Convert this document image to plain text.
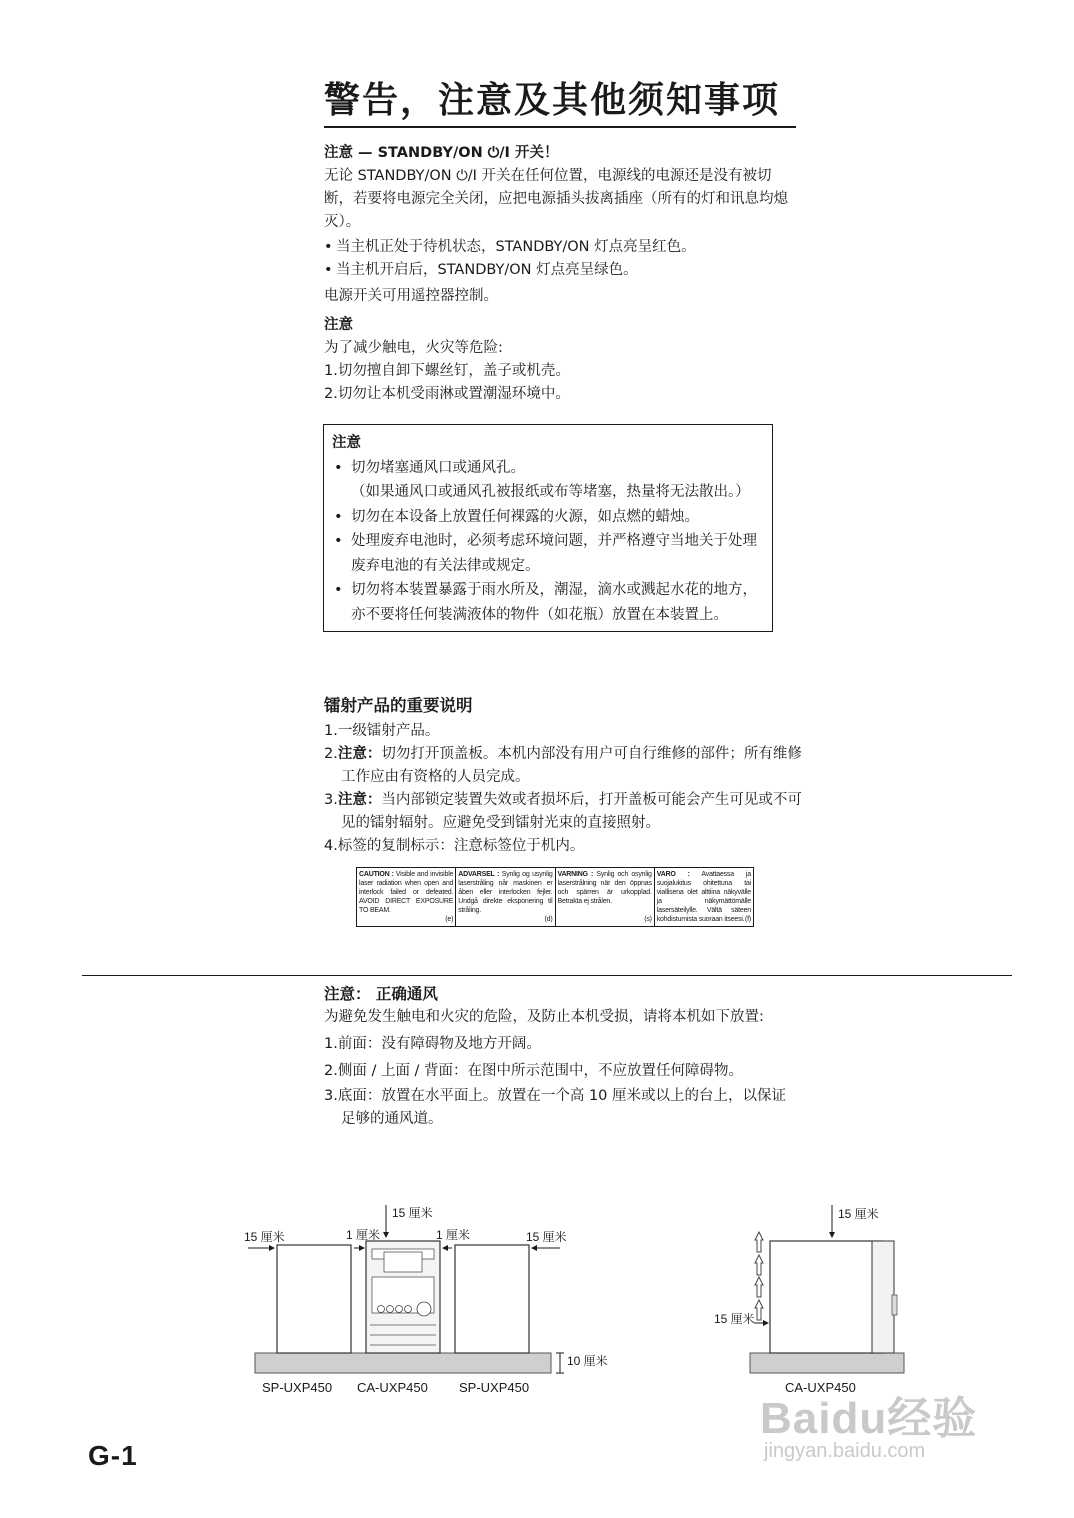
警告，注意及其他须知事项

注意 — STANDBY/ON ⏻/I 开关！

无论 STANDBY/ON ⏻/I 开关在任何位置，电源线的电源还是没有被切断，若要将电源完全关闭，应把电源插头拔离插座（所有的灯和讯息均熄灭）。

• 当主机正处于待机状态，STANDBY/ON 灯点亮呈红色。

• 当主机开启后，STANDBY/ON 灯点亮呈绿色。

电源开关可用遥控器控制。

注意

为了减少触电，火灾等危险:

1.切勿擅自卸下螺丝钉，盖子或机壳。

2.切勿让本机受雨淋或置潮湿环境中。

注意

• 切勿堵塞通风口或通风孔。
（如果通风口或通风孔被报纸或布等堵塞，热量将无法散出。）
• 切勿在本设备上放置任何裸露的火源，如点燃的蜡烛。
• 处理废弃电池时，必须考虑环境问题，并严格遵守当地关于处理废弃电池的有关法律或规定。
• 切勿将本装置暴露于雨水所及，潮湿，滴水或溅起水花的地方，亦不要将任何装满液体的物件（如花瓶）放置在本装置上。

镭射产品的重要说明

1.一级镭射产品。

2.注意：切勿打开顶盖板。本机内部没有用户可自行维修的部件；所有维修工作应由有资格的人员完成。

3.注意：当内部锁定装置失效或者损坏后，打开盖板可能会产生可见或不可见的镭射辐射。应避免受到镭射光束的直接照射。

4.标签的复制标示：注意标签位于机内。

CAUTION : Visible and invisible laser radiation when open and interlock failed or defeated. AVOID DIRECT EXPOSURE TO BEAM.
(e)
ADVARSEL : Synlig og usynlig laserstråling når maskinen er åben eller interlocken fejler. Undgå direkte eksponering til stråling.
(d)
VARNING : Synlig och osynlig laserstrålning när den öppnas och spärren är urkopplad. Betrakta ej strålen.
(s)
VARO : Avattaessa ja suojalukitus ohitettuna tai viallisena olet alttiina näkyvälle ja näkymättömälle lasersäteilylle. Vältä säteen kohdistumista suoraan itseesi. (f)

注意： 正确通风

为避免发生触电和火灾的危险，及防止本机受损，请将本机如下放置:

1.前面：没有障碍物及地方开阔。

2.侧面 / 上面 / 背面：在图中所示范围中，不应放置任何障碍物。

3.底面：放置在水平面上。放置在一个高 10 厘米或以上的台上，以保证足够的通风道。

15 厘米
15 厘米	1 厘米	1 厘米	15 厘米
10 厘米
15 厘米
15 厘米
SP-UXP450 CA-UXP450 SP-UXP450	CA-UXP450
G-1
Baidu经验
jingyan.baidu.com
